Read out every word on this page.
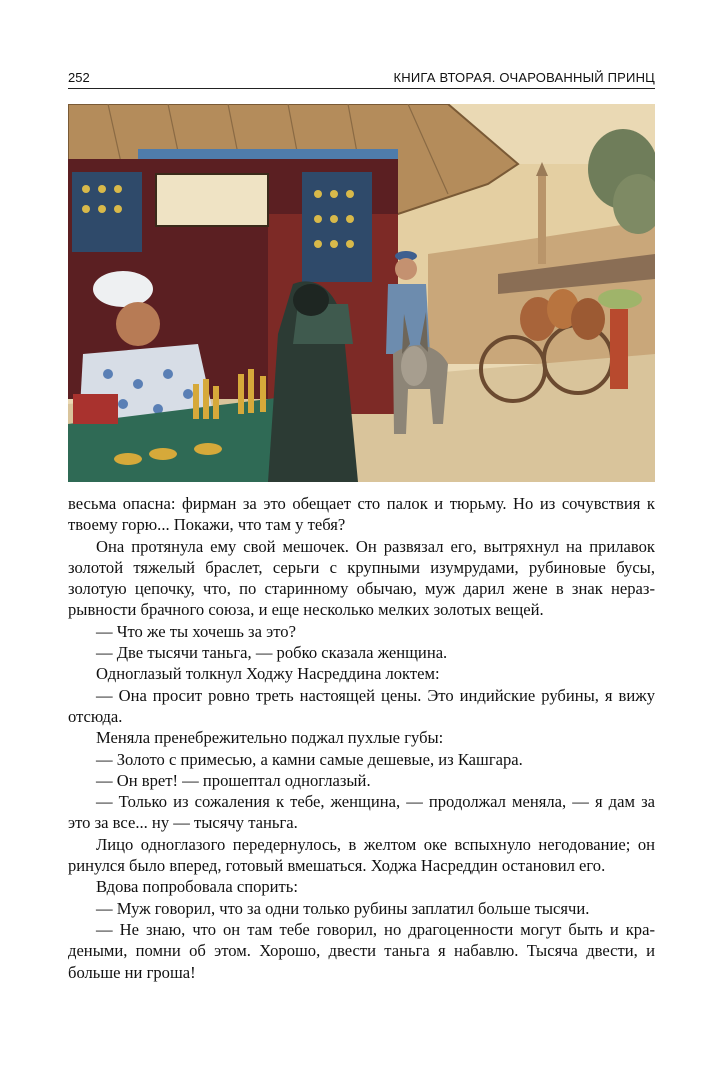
252	КНИГА ВТОРАЯ. ОЧАРОВАННЫЙ ПРИНЦ

весьма опасна: фирман за это обещает сто палок и тюрьму. Но из сочувствия к твоему горю... Покажи, что там у тебя?

Она протянула ему свой мешочек. Он развязал его, вытряхнул на прилавок золотой тяжелый браслет, серьги с крупными изумрудами, рубиновые бусы, золотую цепочку, что, по старинному обычаю, муж дарил жене в знак неразрывности брачного союза, и еще несколько мелких золотых вещей.

— Что же ты хочешь за это?

— Две тысячи таньга, — робко сказала женщина.

Одноглазый толкнул Ходжу Насреддина локтем:

— Она просит ровно треть настоящей цены. Это индийские рубины, я вижу отсюда.

Меняла пренебрежительно поджал пухлые губы:

— Золото с примесью, а камни самые дешевые, из Кашгара.

— Он врет! — прошептал одноглазый.

— Только из сожаления к тебе, женщина, — продолжал меняла, — я дам за это за все... ну — тысячу таньга.

Лицо одноглазого передернулось, в желтом оке вспыхнуло негодование; он ринулся было вперед, готовый вмешаться. Ходжа Насреддин остановил его.

Вдова попробовала спорить:

— Муж говорил, что за одни только рубины заплатил больше тысячи.

— Не знаю, что он там тебе говорил, но драгоценности могут быть и крадеными, помни об этом. Хорошо, двести таньга я набавлю. Тысяча двести, и больше ни гроша!
